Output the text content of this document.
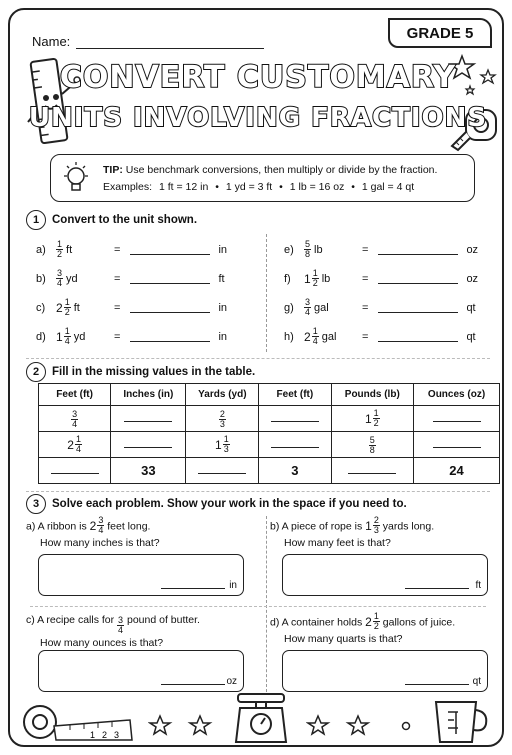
Name:	GRADE 5
CONVERT CUSTOMARY
UNITS INVOLVING FRACTIONS
TIP: Use benchmark conversions, then multiply or divide by the fraction.
Examples: 1 ft = 12 in • 1 yd = 3 ft • 1 lb = 16 oz • 1 gal = 4 qt
1	Convert to the unit shown.
a)	$\frac{1}{2}$ ft	=	in
b)	$\frac{3}{4}$ yd	=	ft
c) $2 \frac{1}{2}$ ft	=	in
d) $1 \frac{1}{4}$ yd	=	in
e)	$\frac{5}{8}$ lb	=	oz
f)	$1 \frac{1}{2}$ lb	=	oz
g)	$\frac{3}{4}$ gal	=	qt
h) $2 \frac{1}{4}$ gal =	qt
2	Fill in the missing values in the table.
Feet (ft)	Inches (in)	Yards (yd)	Feet (ft)	Pounds (lb)	Ounces (oz)

$\frac{3}{4}$		$\frac{2}{3}$		$1 \frac{1}{2}$

$2 \frac{1}{4}$		$1 \frac{1}{3}$		$\frac{5}{8}$

	33		3		24
3	Solve each problem. Show your work in the space if you need to.
a) A ribbon is $2 \frac{3}{4}$ feet long.
How many inches is that?
in
b) A piece of rope is $1 \frac{2}{3}$ yards long.
How many feet is that?
ft
c) A recipe calls for $\frac{3}{4}$ pound of butter.
How many ounces is that?
oz
d) A container holds $2 \frac{1}{2}$ gallons of juice.
How many quarts is that?
qt
1 2 3
